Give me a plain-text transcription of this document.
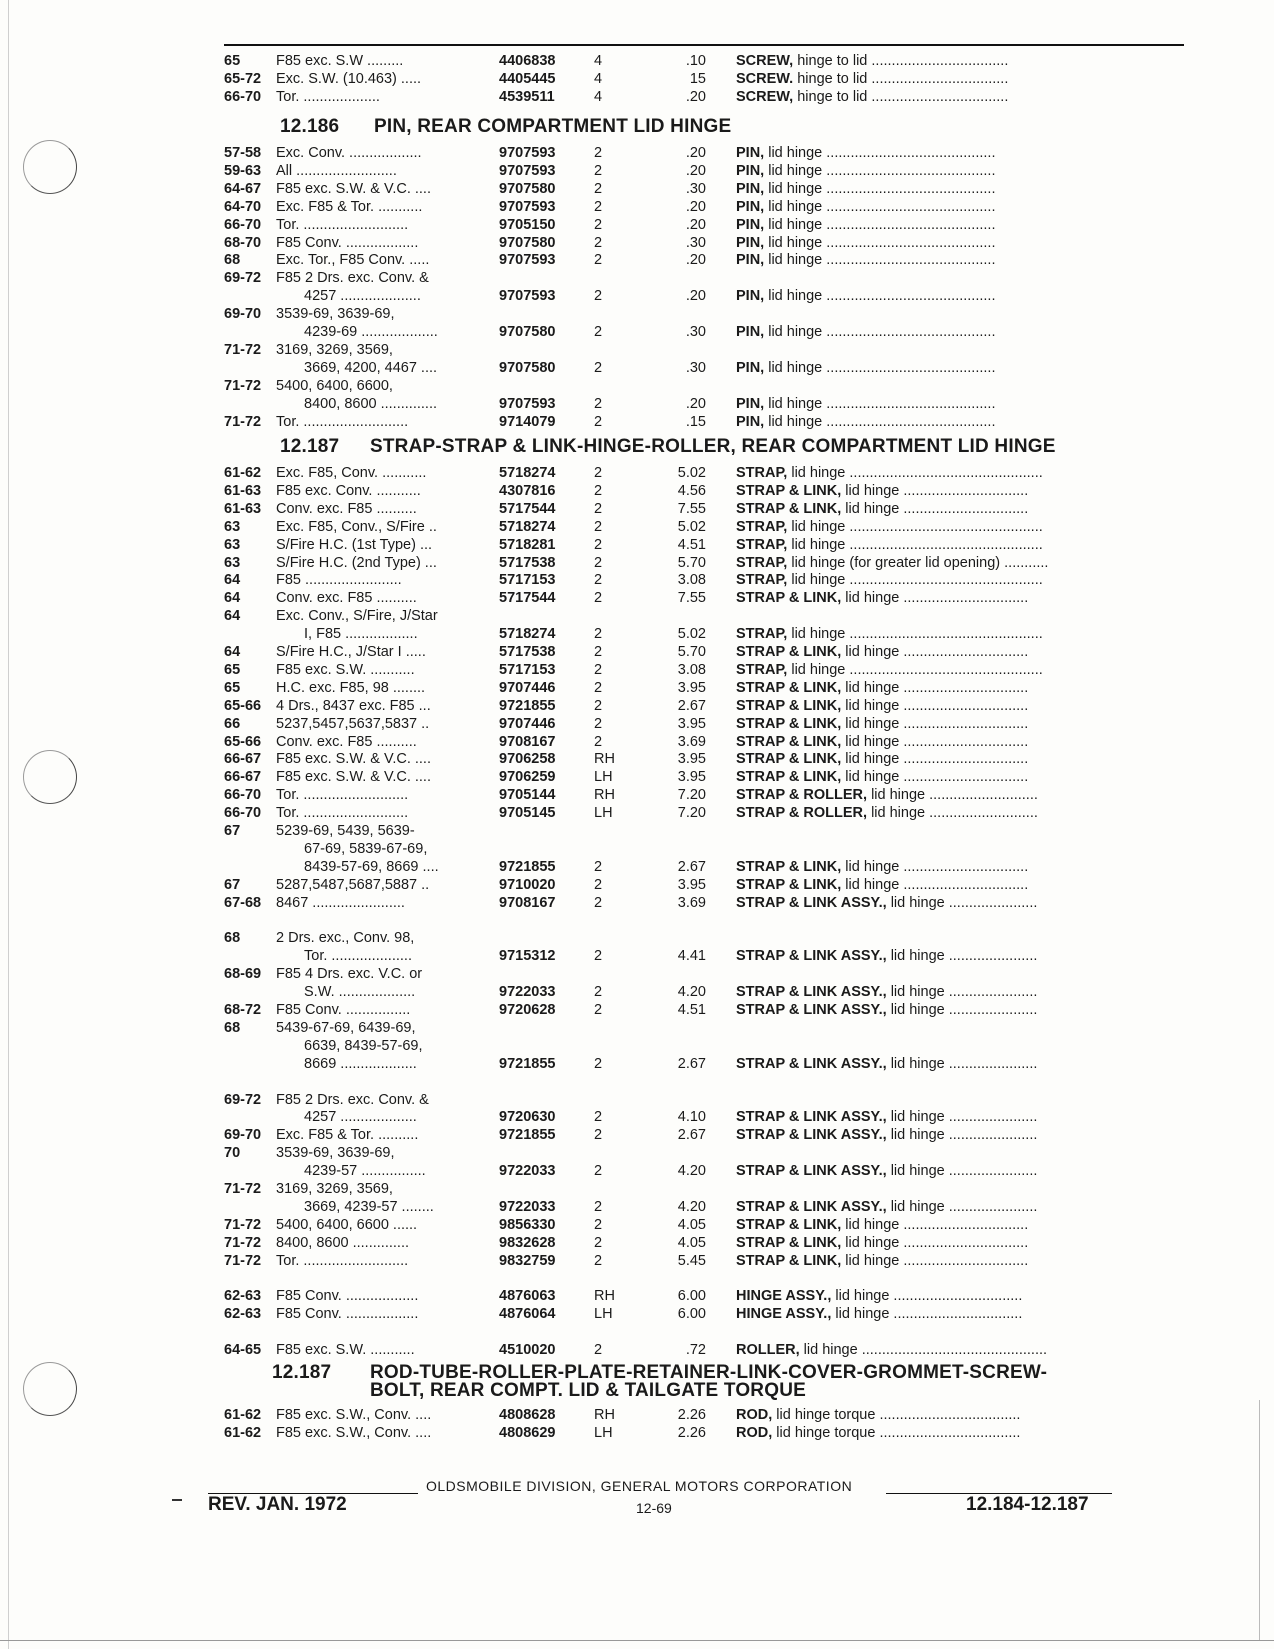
65 F85 exc. S.W .........	4406838	4	.10 SCREW, hinge to lid ..................................
65-72 Exc. S.W. (10.463) .....	4405445	4	15 SCREW. hinge to lid ..................................
66-70 Tor. ...................	4539511	4	.20 SCREW, hinge to lid ..................................
12.186 PIN, REAR COMPARTMENT LID HINGE
57-58 Exc. Conv. ..................	9707593	2	.20 PIN, lid hinge ..........................................
59-63 All .........................	9707593	2	.20 PIN, lid hinge ..........................................
64-67 F85 exc. S.W. & V.C. ....	9707580	2	.30 PIN, lid hinge ..........................................
64-70 Exc. F85 & Tor. ...........	9707593	2	.20 PIN, lid hinge ..........................................
66-70 Tor. ..........................	9705150	2	.20 PIN, lid hinge ..........................................
68-70 F85 Conv. ..................	9707580	2	.30 PIN, lid hinge ..........................................
68 Exc. Tor., F85 Conv. .....	9707593	2	.20 PIN, lid hinge ..........................................
69-72 F85 2 Drs. exc. Conv. &
4257 ....................	9707593	2	.20 PIN, lid hinge ..........................................
69-70 3539-69, 3639-69,
4239-69 ...................	9707580	2	.30 PIN, lid hinge ..........................................
71-72 3169, 3269, 3569,
3669, 4200, 4467 ....	9707580	2	.30 PIN, lid hinge ..........................................
71-72 5400, 6400, 6600,
8400, 8600 ..............	9707593	2	.20 PIN, lid hinge ..........................................
71-72 Tor. ..........................	9714079	2	.15 PIN, lid hinge ..........................................
12.187 STRAP-STRAP & LINK-HINGE-ROLLER, REAR COMPARTMENT LID HINGE
61-62 Exc. F85, Conv. ...........	5718274	2	5.02 STRAP, lid hinge ................................................
61-63 F85 exc. Conv. ...........	4307816	2	4.56 STRAP & LINK, lid hinge ...............................
61-63 Conv. exc. F85 ..........	5717544	2	7.55 STRAP & LINK, lid hinge ...............................
63 Exc. F85, Conv., S/Fire ..	5718274	2	5.02 STRAP, lid hinge ................................................
63 S/Fire H.C. (1st Type) ...	5718281	2	4.51 STRAP, lid hinge ................................................
63 S/Fire H.C. (2nd Type) ...	5717538	2	5.70 STRAP, lid hinge (for greater lid opening) ...........
64 F85 ........................	5717153	2	3.08 STRAP, lid hinge ................................................
64 Conv. exc. F85 ..........	5717544	2	7.55 STRAP & LINK, lid hinge ...............................
64 Exc. Conv., S/Fire, J/Star
I, F85 ..................	5718274	2	5.02 STRAP, lid hinge ................................................
64 S/Fire H.C., J/Star I .....	5717538	2	5.70 STRAP & LINK, lid hinge ...............................
65 F85 exc. S.W. ...........	5717153	2	3.08 STRAP, lid hinge ................................................
65 H.C. exc. F85, 98 ........	9707446	2	3.95 STRAP & LINK, lid hinge ...............................
65-66 4 Drs., 8437 exc. F85 ...	9721855	2	2.67 STRAP & LINK, lid hinge ...............................
66 5237,5457,5637,5837 ..	9707446	2	3.95 STRAP & LINK, lid hinge ...............................
65-66 Conv. exc. F85 ..........	9708167	2	3.69 STRAP & LINK, lid hinge ...............................
66-67 F85 exc. S.W. & V.C. ....	9706258	RH	3.95 STRAP & LINK, lid hinge ...............................
66-67 F85 exc. S.W. & V.C. ....	9706259	LH	3.95 STRAP & LINK, lid hinge ...............................
66-70 Tor. ..........................	9705144	RH	7.20 STRAP & ROLLER, lid hinge ...........................
66-70 Tor. ..........................	9705145	LH	7.20 STRAP & ROLLER, lid hinge ...........................
67 5239-69, 5439, 5639-
67-69, 5839-67-69,
8439-57-69, 8669 ....	9721855	2	2.67 STRAP & LINK, lid hinge ...............................
67 5287,5487,5687,5887 ..	9710020	2	3.95 STRAP & LINK, lid hinge ...............................
67-68 8467 .......................	9708167	2	3.69 STRAP & LINK ASSY., lid hinge ......................
68 2 Drs. exc., Conv. 98,
Tor. ....................	9715312	2	4.41 STRAP & LINK ASSY., lid hinge ......................
68-69 F85 4 Drs. exc. V.C. or
S.W. ...................	9722033	2	4.20 STRAP & LINK ASSY., lid hinge ......................
68-72 F85 Conv. ................	9720628	2	4.51 STRAP & LINK ASSY., lid hinge ......................
68 5439-67-69, 6439-69,
6639, 8439-57-69,
8669 ...................	9721855	2	2.67 STRAP & LINK ASSY., lid hinge ......................
69-72 F85 2 Drs. exc. Conv. &
4257 ...................	9720630	2	4.10 STRAP & LINK ASSY., lid hinge ......................
69-70 Exc. F85 & Tor. ..........	9721855	2	2.67 STRAP & LINK ASSY., lid hinge ......................
70 3539-69, 3639-69,
4239-57 ................	9722033	2	4.20 STRAP & LINK ASSY., lid hinge ......................
71-72 3169, 3269, 3569,
3669, 4239-57 ........	9722033	2	4.20 STRAP & LINK ASSY., lid hinge ......................
71-72 5400, 6400, 6600 ......	9856330	2	4.05 STRAP & LINK, lid hinge ...............................
71-72 8400, 8600 ..............	9832628	2	4.05 STRAP & LINK, lid hinge ...............................
71-72 Tor. ..........................	9832759	2	5.45 STRAP & LINK, lid hinge ...............................
62-63 F85 Conv. ..................	4876063	RH	6.00 HINGE ASSY., lid hinge ................................
62-63 F85 Conv. ..................	4876064	LH	6.00 HINGE ASSY., lid hinge ................................
64-65 F85 exc. S.W. ...........	4510020	2	.72 ROLLER, lid hinge ..............................................
12.187 ROD-TUBE-ROLLER-PLATE-RETAINER-LINK-COVER-GROMMET-SCREW-
BOLT, REAR COMPT. LID & TAILGATE TORQUE
61-62 F85 exc. S.W., Conv. ....	4808628	RH	2.26 ROD, lid hinge torque ...................................
61-62 F85 exc. S.W., Conv. ....	4808629	LH	2.26 ROD, lid hinge torque ...................................
OLDSMOBILE DIVISION, GENERAL MOTORS CORPORATION
REV. JAN. 1972	12-69	12.184-12.187
